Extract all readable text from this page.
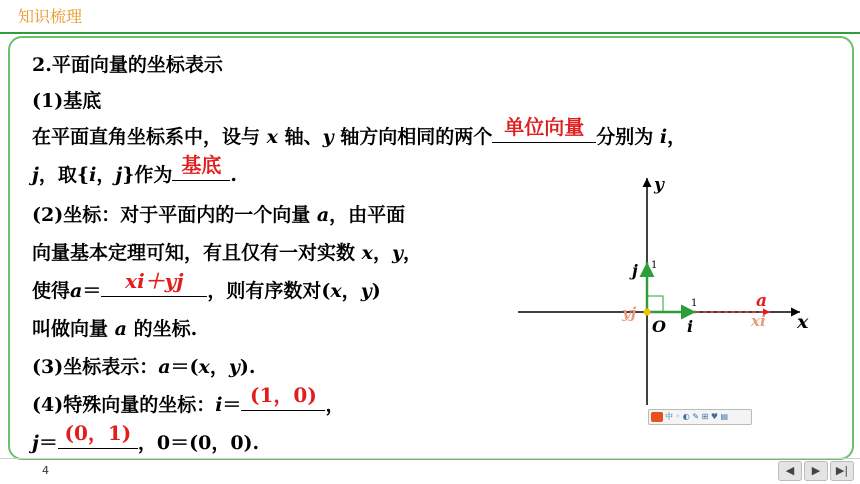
知识梳理
2.平面向量的坐标表示
(1)基底
在平面直角坐标系中，设与 x 轴、y 轴方向相同的两个 单位向量 分别为 i，
j，取{i，j}作为 基底 .
(2)坐标：对于平面内的一个向量 a，由平面
向量基本定理可知，有且仅有一对实数 x，y，
使得a＝	xi＋yj	，则有序数对(x，y)
叫做向量 a 的坐标.
(3)坐标表示：a＝(x，y).
(4)特殊向量的坐标：i＝ (1，0) ，
j＝ (0，1) ，0＝(0，0).
x
y
O i
j
1
1
yj	xi
a
中 ◦ ◐ ✎ ⊞ ♥ ▤
4	◀	▶	▶|
